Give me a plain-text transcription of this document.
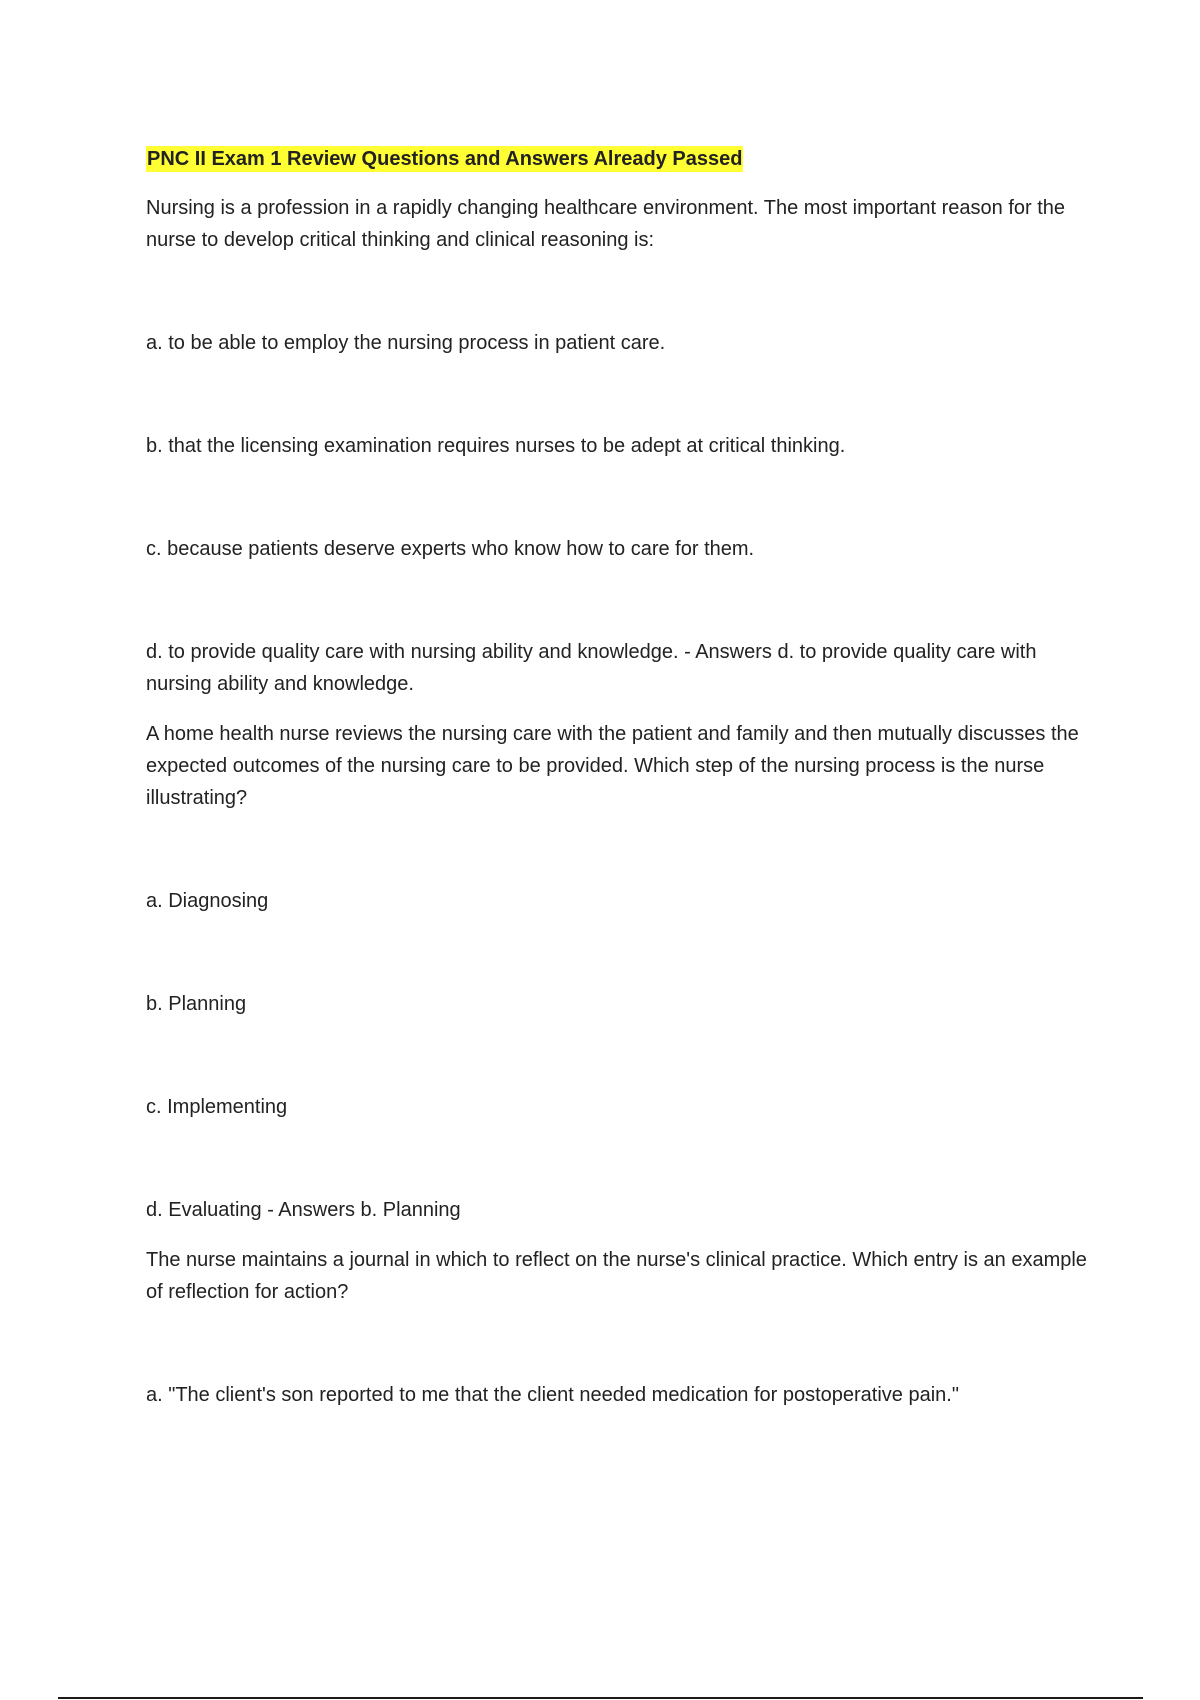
PNC II Exam 1 Review Questions and Answers Already Passed

Nursing is a profession in a rapidly changing healthcare environment. The most important reason for the nurse to develop critical thinking and clinical reasoning is:

a. to be able to employ the nursing process in patient care.

b. that the licensing examination requires nurses to be adept at critical thinking.

c. because patients deserve experts who know how to care for them.

d. to provide quality care with nursing ability and knowledge. - Answers d. to provide quality care with nursing ability and knowledge.

A home health nurse reviews the nursing care with the patient and family and then mutually discusses the expected outcomes of the nursing care to be provided. Which step of the nursing process is the nurse illustrating?

a. Diagnosing

b. Planning

c. Implementing

d. Evaluating - Answers b. Planning

The nurse maintains a journal in which to reflect on the nurse's clinical practice. Which entry is an example of reflection for action?

a. "The client's son reported to me that the client needed medication for postoperative pain."
